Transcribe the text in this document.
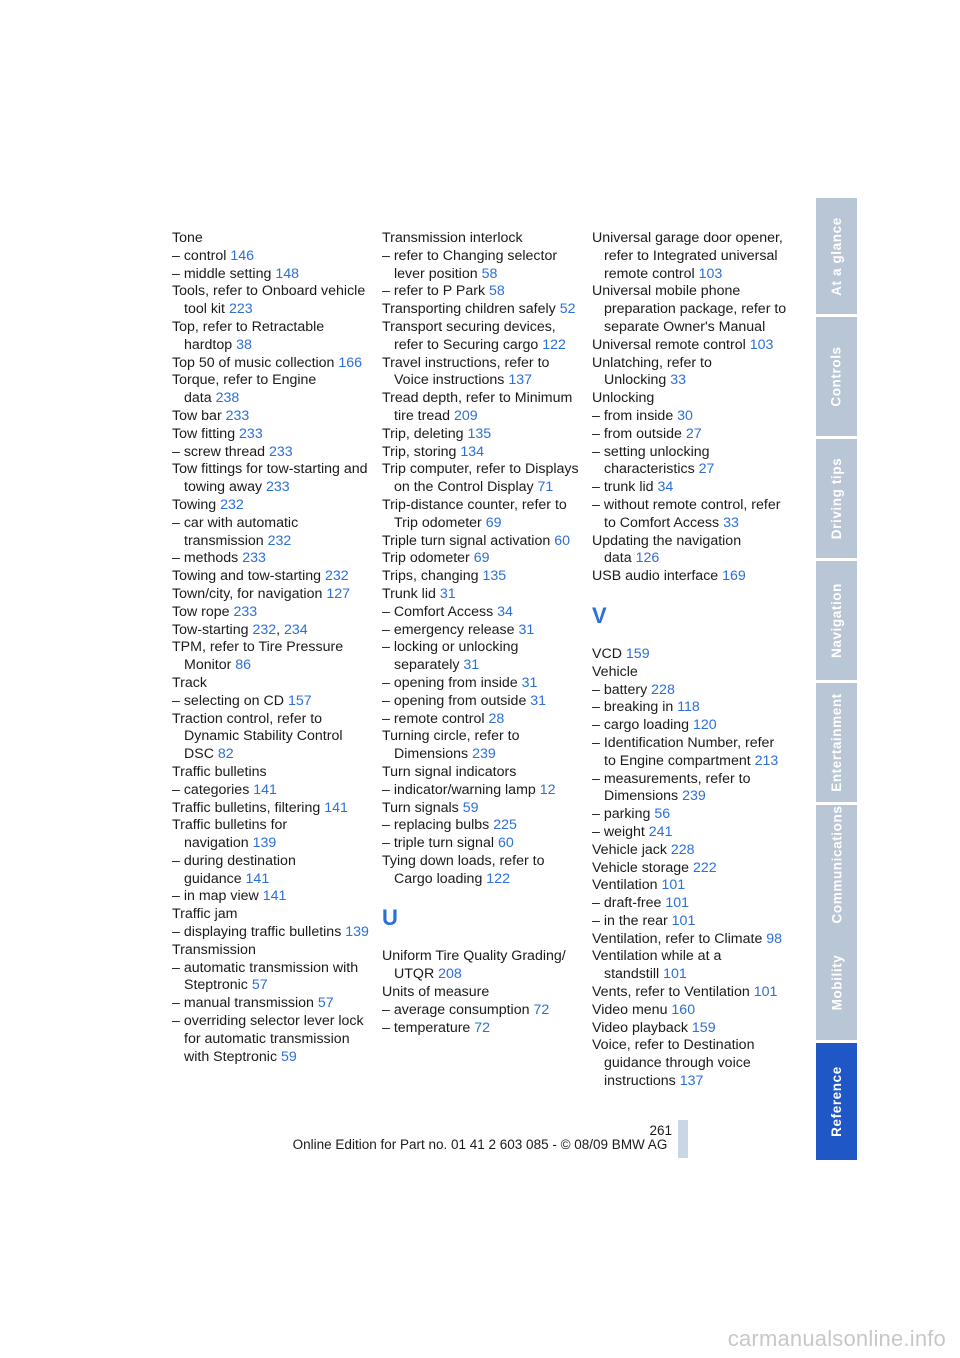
Tone
– control 146
– middle setting 148
Tools, refer to Onboard vehicle tool kit 223
Top, refer to Retractable hardtop 38
Top 50 of music collection 166
Torque, refer to Engine data 238
Tow bar 233
Tow fitting 233
– screw thread 233
Tow fittings for tow-starting and towing away 233
Towing 232
– car with automatic transmission 232
– methods 233
Towing and tow-starting 232
Town/city, for navigation 127
Tow rope 233
Tow-starting 232, 234
TPM, refer to Tire Pressure Monitor 86
Track
– selecting on CD 157
Traction control, refer to Dynamic Stability Control DSC 82
Traffic bulletins
– categories 141
Traffic bulletins, filtering 141
Traffic bulletins for navigation 139
– during destination guidance 141
– in map view 141
Traffic jam
– displaying traffic bulletins 139
Transmission
– automatic transmission with Steptronic 57
– manual transmission 57
– overriding selector lever lock for automatic transmission with Steptronic 59
Transmission interlock
– refer to Changing selector lever position 58
– refer to P Park 58
Transporting children safely 52
Transport securing devices, refer to Securing cargo 122
Travel instructions, refer to Voice instructions 137
Tread depth, refer to Minimum tire tread 209
Trip, deleting 135
Trip, storing 134
Trip computer, refer to Displays on the Control Display 71
Trip-distance counter, refer to Trip odometer 69
Triple turn signal activation 60
Trip odometer 69
Trips, changing 135
Trunk lid 31
– Comfort Access 34
– emergency release 31
– locking or unlocking separately 31
– opening from inside 31
– opening from outside 31
– remote control 28
Turning circle, refer to Dimensions 239
Turn signal indicators
– indicator/warning lamp 12
Turn signals 59
– replacing bulbs 225
– triple turn signal 60
Tying down loads, refer to Cargo loading 122
U
Uniform Tire Quality Grading/ UTQR 208
Units of measure
– average consumption 72
– temperature 72
Universal garage door opener, refer to Integrated universal remote control 103
Universal mobile phone preparation package, refer to separate Owner's Manual
Universal remote control 103
Unlatching, refer to Unlocking 33
Unlocking
– from inside 30
– from outside 27
– setting unlocking characteristics 27
– trunk lid 34
– without remote control, refer to Comfort Access 33
Updating the navigation data 126
USB audio interface 169
V
VCD 159
Vehicle
– battery 228
– breaking in 118
– cargo loading 120
– Identification Number, refer to Engine compartment 213
– measurements, refer to Dimensions 239
– parking 56
– weight 241
Vehicle jack 228
Vehicle storage 222
Ventilation 101
– draft-free 101
– in the rear 101
Ventilation, refer to Climate 98
Ventilation while at a standstill 101
Vents, refer to Ventilation 101
Video menu 160
Video playback 159
Voice, refer to Destination guidance through voice instructions 137
At a glance
Controls
Driving tips
Navigation
Entertainment
Communications
Mobility
Reference
261
Online Edition for Part no. 01 41 2 603 085 - © 08/09 BMW AG
carmanualsonline.info
